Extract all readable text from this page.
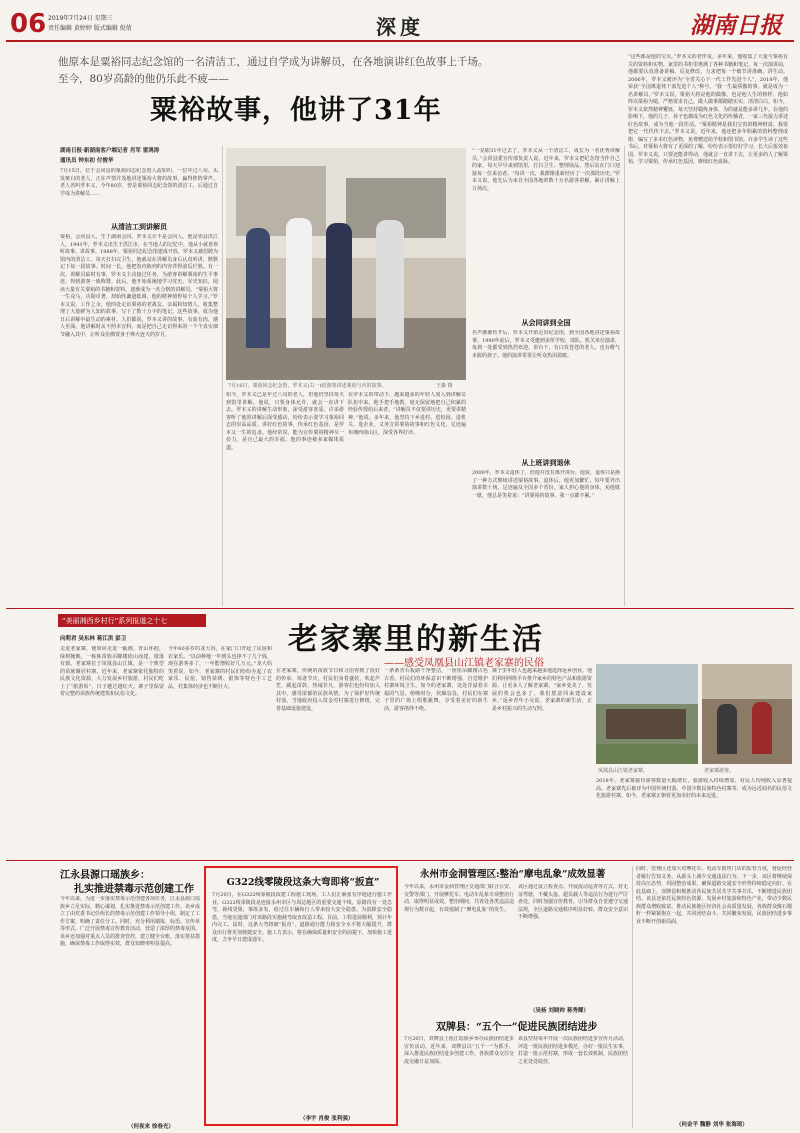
06 2019年7月24日 星期三
责任编辑 黄婷婷 版式编辑 倪倩	深度	湖南日报
他原本是粟裕同志纪念馆的一名清洁工，通过自学成为讲解员，在各地演讲红色故事上千场。
至今，80岁高龄的他仍乐此不疲——
粟裕故事，他讲了31年
湖南日报·新湖南客户端记者 肖军 雷鸿涛
通讯员 钟东初 付俊华
7月15日，位于会同县的粟裕同志纪念馆人流如织。一位年过八旬、头发斑白的老人，正在声情并茂地讲述粟裕大将的故事，赢得阵阵掌声。老人名叫罗本义，今年80岁，曾是粟裕同志纪念馆的清洁工，后通过自学成为讲解员……
从清洁工到讲解员
粟裕，会同县人，生于湖南会同。罗本义并不是会同人，他是邻县洪江人。1941年，罗本义出生于洪江市，在当地人的记忆中，他从小就喜欢听故事、讲故事。1988年，粟裕同志纪念馆建成开放，罗本义被招聘为馆内的清洁工。每天打扫完卫生，他就站在讲解员身后认真听讲，默默记下每一段故事。时间一长，他把馆内陈列的内容背得滚瓜烂熟。有一次，讲解员临时有事，罗本义主动接过任务，为游客讲解粟裕的生平事迹，得到游客一致称赞。此后，他开始系统地学习党史、军史知识，阅读大量有关粟裕的书籍和资料，逐渐成为一名合格的讲解员。“粟裕大将一生戎马，功勋卓著，却始终谦逊低调，他的精神值得每个人学习。”罗本义说。工作之余，他四处走访粟裕的老战友、亲属和知情人，收集整理了大量鲜为人知的故事，写下了数十万字的笔记。这些故事，成为他日后讲解中最生动的素材。人们都说，罗本义讲的故事，有血有肉，感人至深。他讲解时从不照本宣科，而是把自己走访得来的一个个真实细节融入其中，让听众仿佛置身于烽火连天的岁月。
7月16日，粟裕同志纪念馆，罗本义(右一)给游客讲述粟裕与兵的故事。	王森 摄
“一晃眼31年过去了，罗本义从一个清洁工，成长为一名优秀讲解员。”会同县委宣传部负责人说。近年来，罗本义把纪念馆当作自己的家，每天早早来到馆里，打扫卫生、整理展品，然后站在门口迎接每一位来访者。“每讲一次，我都像重新经历了一次那段历史。”罗本义说。他先后为来自全国各地的数十万名游客讲解，累计讲解上万场次。
如今，罗本义已是年过八旬的老人，但他仍坚持每天到馆里讲解。他说，只要身体允许，就会一直讲下去。罗本义的讲解生动形象，深受游客喜爱。许多游客听了他的讲解后深受感动，纷纷表示要学习粟裕同志的崇高品质。讲好红色故事，传承红色基因，是罗本义一生的追求。他经常说，能为宣传粟裕精神尽一份力，是自己最大的幸福。他的事迹被多家媒体报道。
在罗本义的带动下，越来越多的年轻人加入到讲解员队伍中来。他手把手地教，毫无保留地把自己积累的经验传授给后来者。“讲解员不仅要讲历史，更要讲精神。”他说。多年来，他坚持下乡进村、进校园、进机关、进企业，义务宣讲粟裕故事和红色文化，足迹遍布湘西南山区，深受各界好评。
从会同讲到全国
名声渐渐传开后，罗本义开始走出纪念馆，到全国各地讲述粟裕故事。1990年前后，罗本义受邀到多所学校、部队、机关单位演讲，每到一处都受到热烈欢迎。讲台下，有白发苍苍的老人，也有稚气未脱的孩子。他的演讲常常让听众热泪盈眶。
从上班讲到退休
2000年，罗本义退休了，但他并没有离开讲台。他说，退休只是换了一种方式继续讲述粟裕故事。退休后，他更加繁忙，每年要外出演讲数十场，足迹遍及全国多个省份。家人担心他的身体，劝他歇一歇，他总是笑着说：“讲粟裕的故事，我一点都不累。”
“这些都是他的宝贝。”罗本义的老伴说，多年来，他收集了大量与粟裕有关的资料和实物，家里的书柜里堆满了各种书籍和笔记。每一次演讲前，他都要认真准备讲稿，反复修改，力求把每一个细节讲准确、讲生动。2006年，罗本义被评为“全省关心下一代工作先进个人”，2018年，他荣获“全国离退休干部先进个人”称号。“我一生最骄傲的事，就是成为一名讲解员。”罗本义说，粟裕大将是他的偶像，也是他人生的榜样。他始终以粟裕为镜，严格要求自己，做人做事都踏踏实实、清清白白。如今，罗本义依然精神矍铄，每天坚持锻炼身体，为的就是能多讲几年。在他的影响下，他的儿子、孙子也都成为红色文化的传播者，一家三代接力讲述红色故事，成为当地一段佳话。“粟裕精神是我们宝贵的精神财富，我要把它一代代传下去。”罗本义说。近年来，他还把多年积累的资料整理成册，编写了多本红色读物，免费赠送给学校和图书馆。许多学生读了这些书后，对粟裕大将有了更深的了解，纷纷表示要好好学习，长大后报效祖国。罗本义说，只要还能讲得动，他就会一直讲下去，让更多的人了解粟裕，学习粟裕，传承红色基因，赓续红色血脉。
“美丽湘西乡村行”系列报道之十七
向莉君 吴东林 蒋江洪 彭卫	老家寨里的新生活
——感受凤凰县山江镇老家寨的民俗
走进老家寨，便如同走进一幅画。青山环抱，绿树掩映，一栋栋苗族吊脚楼依山而建，错落有致。老家寨位于凤凰县山江镇，是一个典型的苗族聚居村寨。近年来，老家寨依托独特的民族文化资源，大力发展乡村旅游，村民们吃上了“旅游饭”，日子越过越红火。寨子里保留着完整的苗族传统建筑和民俗文化。
今年60多岁的龙大妈，在家门口开起了民宿和农家乐。“以前种地一年到头也挣不了几个钱，现在游客多了，一年能增收好几万元。”龙大妈笑着说。如今，老家寨的村民们纷纷办起了农家乐、民宿，销售苗绣、银饰等特色手工艺品，村集体经济也不断壮大。
在老家寨，传统的苗族节日和习俗得到了很好的传承。每逢节庆，村民们身着盛装，吹起芦笙，跳起苗鼓，热闹非凡。游客们也纷纷加入其中，感受浓郁的民族风情。为了保护好传统村落，当地政府投入资金对村寨进行修缮，完善基础设施建设。
一条条青石板路干净整洁，一座座吊脚楼古色古香。村民们的环保意识不断增强，自觉维护村寨环境卫生。如今的老家寨，处处洋溢着幸福的气息。傍晚时分，炊烟袅袅，村民们在寨子里的广场上唱歌跳舞，享受着美好的新生活，游客络绎不绝。
寨子里年轻人也越来越多地选择返乡创业。他们利用网络平台推介家乡的特色产品和旅游资源，让更多人了解老家寨。“家乡变美了，发展的机会也多了，我们愿意回来建设家乡。”返乡青年小吴说。老家寨的新生活，正是乡村振兴的生动写照。
凤凰县山江镇老家寨。	老家寨游客。
2018年，老家寨接待游客数量大幅增长，旅游收入持续增加，村民人均纯收入显著提高。老家寨先后被评为中国传统村落、中国少数民族特色村寨等，成为远近闻名的民俗文化旅游村寨。如今，老家寨正朝着更加美好的未来迈进。
江永县源口瑶族乡：
扎实推进禁毒示范创建工作
今年以来，为进一步落实禁毒示范创建各项任务，江永县源口瑶族乡立足实际，精心谋划，扎实推进禁毒示范创建工作。该乡成立了由党委书记任组长的禁毒示范创建工作领导小组，制定了工作方案，明确了责任分工。同时，充分利用墙报、标语、宣传单等形式，广泛开展禁毒宣传教育活动，营造了浓厚的禁毒氛围。该乡还加强对重点人员的排查管控，建立健全台账，落实帮扶措施，确保禁毒工作取得实效，群众知晓率明显提高。
（何夜来 徐春光）
G322线零陵段这条大弯即将“扳直”
7月20日，在G322线零陵段改建工程施工现场，工人们正紧张有序地进行施工作业。G322线零陵段是连接永州市区与周边地区的重要交通干线，原路段有一处急弯，视线受阻，事故多发，给过往车辆和行人带来较大安全隐患。为消除安全隐患，当地交通部门对该路段实施截弯取直改造工程。目前，工程进展顺利，预计年内完工。届时，这条大弯将被“扳直”，道路通行能力和安全水平将大幅提升，群众出行将更加便捷安全。施工方表示，将在确保质量和安全的前提下，加快施工进度，力争早日建成通车。
（李宇 肖俊 张利强）
永州市金洞管理区:整治“摩电乱象”成效显著
今年以来，永州市金洞管理区交通部门联合公安、交警等部门，开展摩托车、电动车乱象专项整治行动，取得明显成效。整治期间，共查处各类违法违规行为数百起，有效遏制了“摩电乱象”的发生。
该区通过设立检查点、开展流动巡查等方式，对无证驾驶、不戴头盔、超员载人等违法行为进行严厉查处，同时加强宣传教育，引导群众自觉遵守交通法规，全区道路交通秩序明显好转，群众安全意识不断增强。
（吴杨 刘晓帅 蒋秀卿）
双牌县：“五个一”促进民族团结进步
7月20日，双牌县上梧江瑶族乡举办民族团结进步宣传活动。近年来，双牌县以“五个一”为抓手，深入推进民族团结进步创建工作，各族群众交往交流交融日益加深。
该县坚持每年开展一次民族团结进步宣传月活动，评选一批民族团结进步模范，办好一批民生实事，打造一批示范村寨，形成一套长效机制，民族团结之花处处绽放。
同时，管理区还加大对摩托车、电动车销售门店的监管力度，督促经营者履行告知义务，从源头上减少交通违法行为。下一步，该区将继续保持高压态势，巩固整治成果，确保道路交通安全形势持续稳定向好。在此基础上，双牌县积极推动各民族共居共学共事共乐，不断增进民族团结。该县还依托民族特色资源，发展乡村旅游和特色产业，带动少数民族群众增收致富，推动民族地区经济社会高质量发展，各族群众像石榴籽一样紧紧抱在一起，共同团结奋斗、共同繁荣发展，民族团结进步事业不断开创新局面。
（何金平 魏静 刘华 张海琼）
